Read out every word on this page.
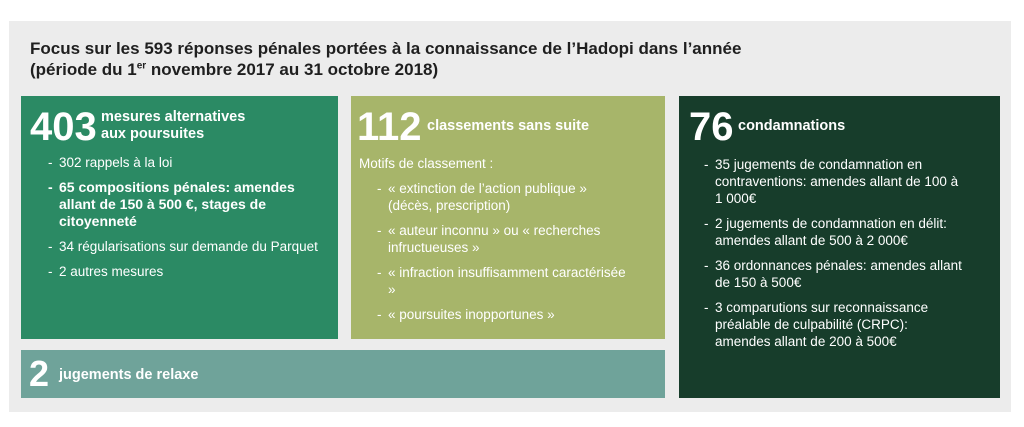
Focus sur les 593 réponses pénales portées à la connaissance de l’Hadopi dans l’année
(période du 1er novembre 2017 au 31 octobre 2018)
403 mesures alternatives
aux poursuites
- 302 rappels à la loi
- 65 compositions pénales: amendes allant de 150 à 500 €, stages de citoyenneté
- 34 régularisations sur demande du Parquet
- 2 autres mesures
112 classements sans suite
Motifs de classement :
- « extinction de l’action publique » (décès, prescription)
- « auteur inconnu » ou « recherches infructueuses »
- « infraction insuffisamment caractérisée »
- « poursuites inopportunes »
76 condamnations
- 35 jugements de condamnation en contraventions: amendes allant de 100 à 1 000€
- 2 jugements de condamnation en délit: amendes allant de 500 à 2 000€
- 36 ordonnances pénales: amendes allant de 150 à 500€
- 3 comparutions sur reconnaissance préalable de culpabilité (CRPC): amendes allant de 200 à 500€
2 jugements de relaxe
